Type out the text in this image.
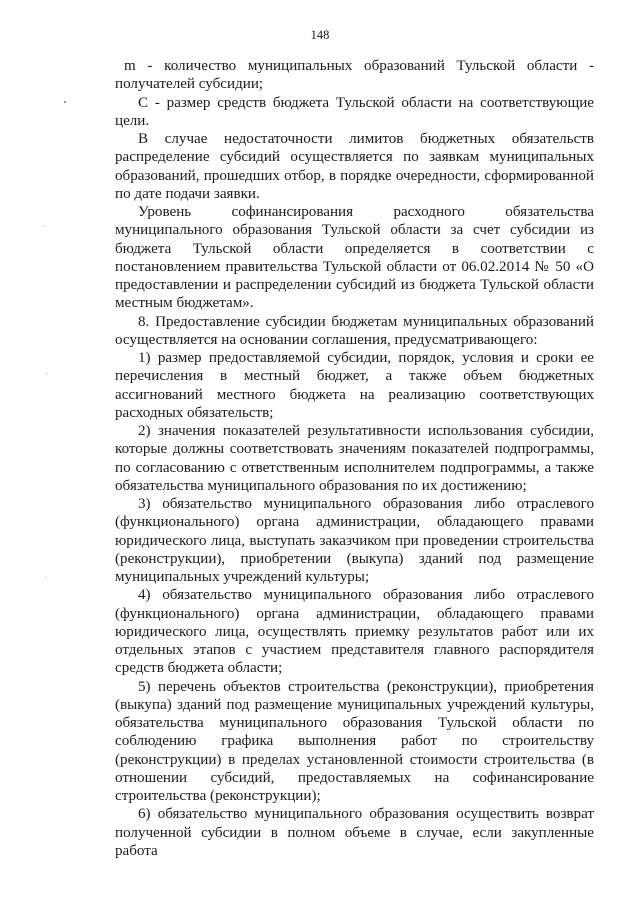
148

m - количество муниципальных образований Тульской области - получателей субсидии;

С - размер средств бюджета Тульской области на соответствующие цели.

В случае недостаточности лимитов бюджетных обязательств распределение субсидий осуществляется по заявкам муниципальных образований, прошедших отбор, в порядке очередности, сформированной по дате подачи заявки.

Уровень софинансирования расходного обязательства муниципального образования Тульской области за счет субсидии из бюджета Тульской области определяется в соответствии с постановлением правительства Тульской области от 06.02.2014 № 50 «О предоставлении и распределении субсидий из бюджета Тульской области местным бюджетам».

8. Предоставление субсидии бюджетам муниципальных образований осуществляется на основании соглашения, предусматривающего:

1) размер предоставляемой субсидии, порядок, условия и сроки ее перечисления в местный бюджет, а также объем бюджетных ассигнований местного бюджета на реализацию соответствующих расходных обязательств;

2) значения показателей результативности использования субсидии, которые должны соответствовать значениям показателей подпрограммы, по согласованию с ответственным исполнителем подпрограммы, а также обязательства муниципального образования по их достижению;

3) обязательство муниципального образования либо отраслевого (функционального) органа администрации, обладающего правами юридического лица, выступать заказчиком при проведении строительства (реконструкции), приобретении (выкупа) зданий под размещение муниципальных учреждений культуры;

4) обязательство муниципального образования либо отраслевого (функционального) органа администрации, обладающего правами юридического лица, осуществлять приемку результатов работ или их отдельных этапов с участием представителя главного распорядителя средств бюджета области;

5) перечень объектов строительства (реконструкции), приобретения (выкупа) зданий под размещение муниципальных учреждений культуры, обязательства муниципального образования Тульской области по соблюдению графика выполнения работ по строительству (реконструкции) в пределах установленной стоимости строительства (в отношении субсидий, предоставляемых на софинансирование строительства (реконструкции);

6) обязательство муниципального образования осуществить возврат полученной субсидии в полном объеме в случае, если закупленные работа
